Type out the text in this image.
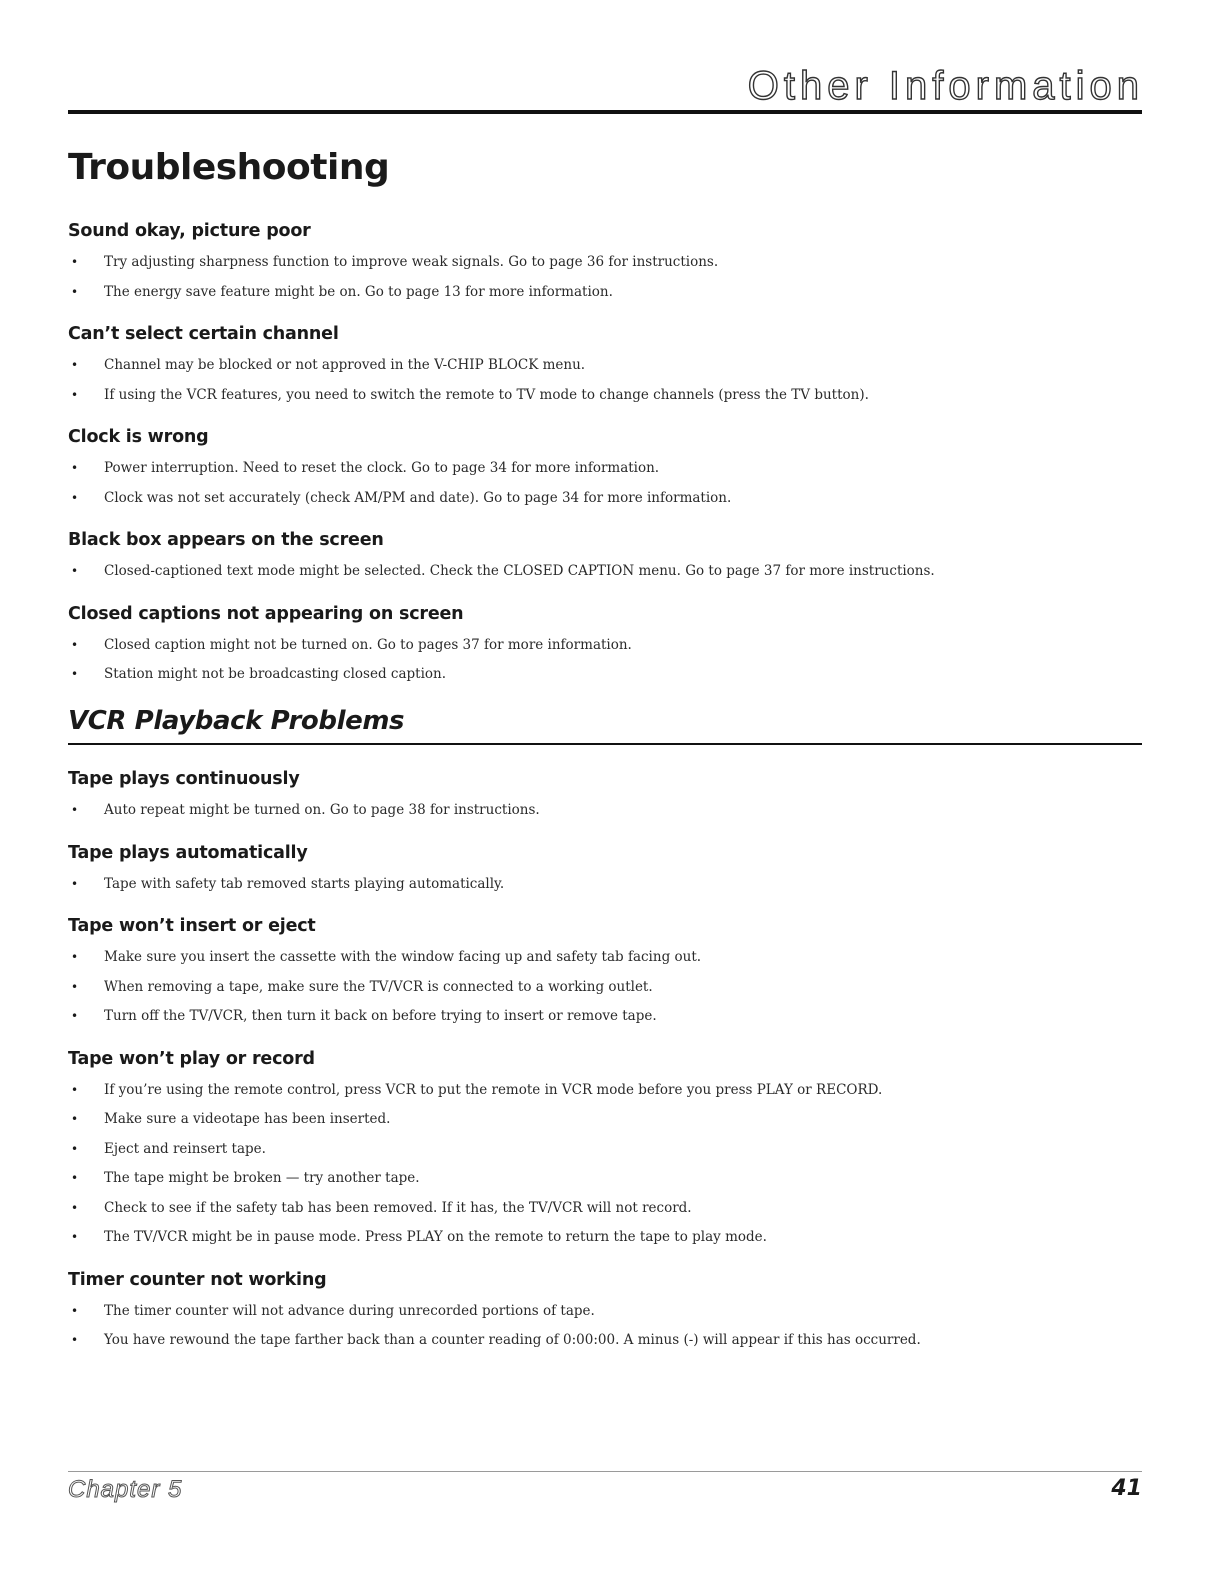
Other Information
Troubleshooting
Sound okay, picture poor
• Try adjusting sharpness function to improve weak signals. Go to page 36 for instructions.
• The energy save feature might be on. Go to page 13 for more information.
Can’t select certain channel
• Channel may be blocked or not approved in the V-CHIP BLOCK menu.
• If using the VCR features, you need to switch the remote to TV mode to change channels (press the TV button).
Clock is wrong
• Power interruption. Need to reset the clock. Go to page 34 for more information.
• Clock was not set accurately (check AM/PM and date). Go to page 34 for more information.
Black box appears on the screen
• Closed-captioned text mode might be selected. Check the CLOSED CAPTION menu. Go to page 37 for more instructions.
Closed captions not appearing on screen
• Closed caption might not be turned on. Go to pages 37 for more information.
• Station might not be broadcasting closed caption.
VCR Playback Problems
Tape plays continuously
• Auto repeat might be turned on. Go to page 38 for instructions.
Tape plays automatically
• Tape with safety tab removed starts playing automatically.
Tape won’t insert or eject
• Make sure you insert the cassette with the window facing up and safety tab facing out.
• When removing a tape, make sure the TV/VCR is connected to a working outlet.
• Turn off the TV/VCR, then turn it back on before trying to insert or remove tape.
Tape won’t play or record
• If you’re using the remote control, press VCR to put the remote in VCR mode before you press PLAY or RECORD.
• Make sure a videotape has been inserted.
• Eject and reinsert tape.
• The tape might be broken — try another tape.
• Check to see if the safety tab has been removed. If it has, the TV/VCR will not record.
• The TV/VCR might be in pause mode. Press PLAY on the remote to return the tape to play mode.
Timer counter not working
• The timer counter will not advance during unrecorded portions of tape.
• You have rewound the tape farther back than a counter reading of 0:00:00. A minus (-) will appear if this has occurred.
Chapter 5	41
